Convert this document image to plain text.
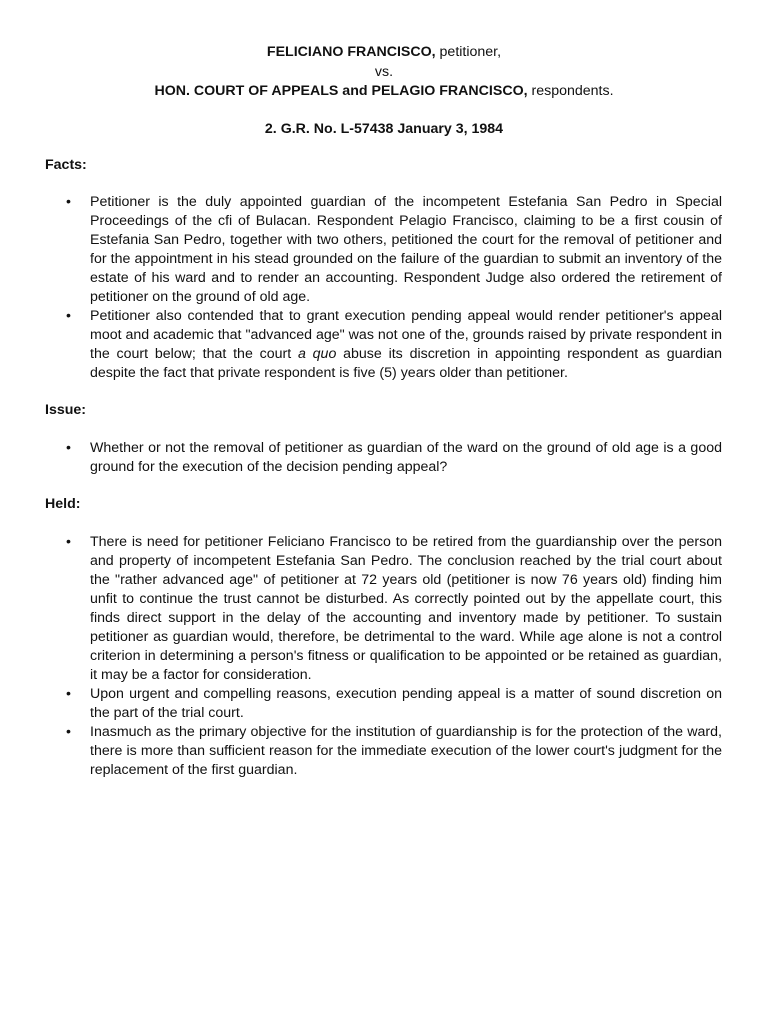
FELICIANO FRANCISCO, petitioner,

vs.

HON. COURT OF APPEALS and PELAGIO FRANCISCO, respondents.

2. G.R. No. L-57438 January 3, 1984

Facts:

• Petitioner is the duly appointed guardian of the incompetent Estefania San Pedro in Special Proceedings of the cfi of Bulacan. Respondent Pelagio Francisco, claiming to be a first cousin of Estefania San Pedro, together with two others, petitioned the court for the removal of petitioner and for the appointment in his stead grounded on the failure of the guardian to submit an inventory of the estate of his ward and to render an accounting. Respondent Judge also ordered the retirement of petitioner on the ground of old age.
• Petitioner also contended that to grant execution pending appeal would render petitioner's appeal moot and academic that "advanced age" was not one of the, grounds raised by private respondent in the court below; that the court a quo abuse its discretion in appointing respondent as guardian despite the fact that private respondent is five (5) years older than petitioner.

Issue:

• Whether or not the removal of petitioner as guardian of the ward on the ground of old age is a good ground for the execution of the decision pending appeal?

Held:

• There is need for petitioner Feliciano Francisco to be retired from the guardianship over the person and property of incompetent Estefania San Pedro. The conclusion reached by the trial court about the "rather advanced age" of petitioner at 72 years old (petitioner is now 76 years old) finding him unfit to continue the trust cannot be disturbed. As correctly pointed out by the appellate court, this finds direct support in the delay of the accounting and inventory made by petitioner. To sustain petitioner as guardian would, therefore, be detrimental to the ward. While age alone is not a control criterion in determining a person's fitness or qualification to be appointed or be retained as guardian, it may be a factor for consideration.
• Upon urgent and compelling reasons, execution pending appeal is a matter of sound discretion on the part of the trial court.
• Inasmuch as the primary objective for the institution of guardianship is for the protection of the ward, there is more than sufficient reason for the immediate execution of the lower court's judgment for the replacement of the first guardian.
